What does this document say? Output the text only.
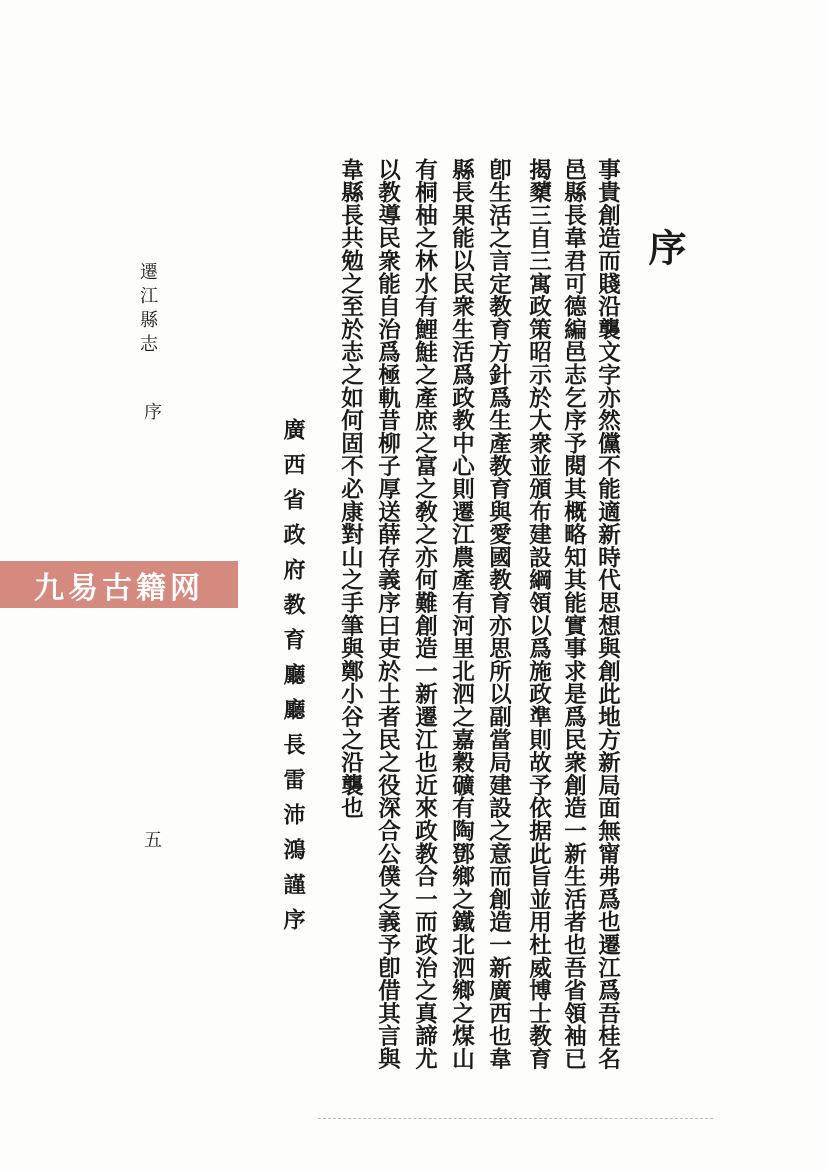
序
事貴創造而賤沿襲文字亦然儻不能適新時代思想與創此地方新局面無甯弗爲也遷江爲吾桂名
邑縣長韋君可德編邑志乞序予閱其概略知其能實事求是爲民衆創造一新生活者也吾省領袖已
揭櫫三自三寓政策昭示於大衆並頒布建設綱領以爲施政準則故予依据此旨並用杜威博士教育
卽生活之言定教育方針爲生產教育與愛國教育亦思所以副當局建設之意而創造一新廣西也韋
縣長果能以民衆生活爲政教中心則遷江農產有河里北泗之嘉穀礦有陶鄧鄉之鐵北泗鄉之煤山
有桐柚之林水有鯉鮭之產庶之富之敎之亦何難創造一新遷江也近來政教合一而政治之真諦尤
以教導民衆能自治爲極軌昔柳子厚送薛存義序曰吏於土者民之役深合公僕之義予卽借其言與
韋縣長共勉之至於志之如何固不必康對山之手筆與鄭小谷之沿襲也
廣西省政府教育廳廳長雷沛鴻謹序
遷江縣志
序
五
九易古籍网
